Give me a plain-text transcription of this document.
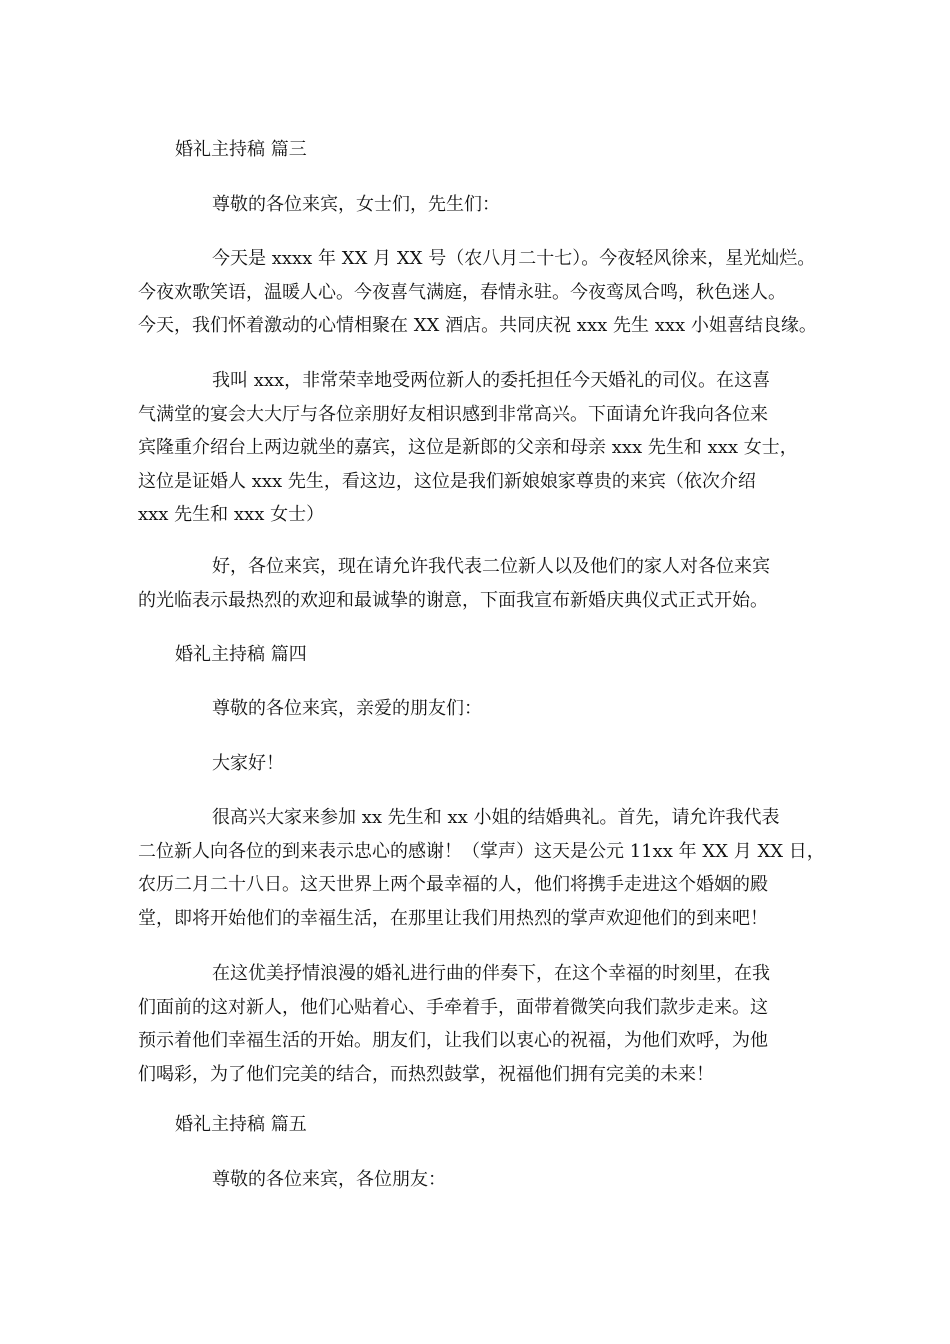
婚礼主持稿 篇三
尊敬的各位来宾，女士们，先生们：
今天是 xxxx 年 XX 月 XX 号（农八月二十七）。今夜轻风徐来，星光灿烂。
今夜欢歌笑语，温暖人心。今夜喜气满庭，春情永驻。今夜鸾凤合鸣，秋色迷人。
今天，我们怀着激动的心情相聚在 XX 酒店。共同庆祝 xxx 先生 xxx 小姐喜结良缘。
我叫 xxx，非常荣幸地受两位新人的委托担任今天婚礼的司仪。在这喜
气满堂的宴会大大厅与各位亲朋好友相识感到非常高兴。下面请允许我向各位来
宾隆重介绍台上两边就坐的嘉宾，这位是新郎的父亲和母亲 xxx 先生和 xxx 女士，
这位是证婚人 xxx 先生，看这边，这位是我们新娘娘家尊贵的来宾（依次介绍
xxx 先生和 xxx 女士）
好，各位来宾，现在请允许我代表二位新人以及他们的家人对各位来宾
的光临表示最热烈的欢迎和最诚挚的谢意，下面我宣布新婚庆典仪式正式开始。
婚礼主持稿 篇四
尊敬的各位来宾，亲爱的朋友们：
大家好！
很高兴大家来参加 xx 先生和 xx 小姐的结婚典礼。首先，请允许我代表
二位新人向各位的到来表示忠心的感谢！（掌声）这天是公元 11xx 年 XX 月 XX 日，
农历二月二十八日。这天世界上两个最幸福的人，他们将携手走进这个婚姻的殿
堂，即将开始他们的幸福生活，在那里让我们用热烈的掌声欢迎他们的到来吧！
在这优美抒情浪漫的婚礼进行曲的伴奏下，在这个幸福的时刻里，在我
们面前的这对新人，他们心贴着心、手牵着手，面带着微笑向我们款步走来。这
预示着他们幸福生活的开始。朋友们，让我们以衷心的祝福，为他们欢呼，为他
们喝彩，为了他们完美的结合，而热烈鼓掌，祝福他们拥有完美的未来！
婚礼主持稿 篇五
尊敬的各位来宾，各位朋友：
